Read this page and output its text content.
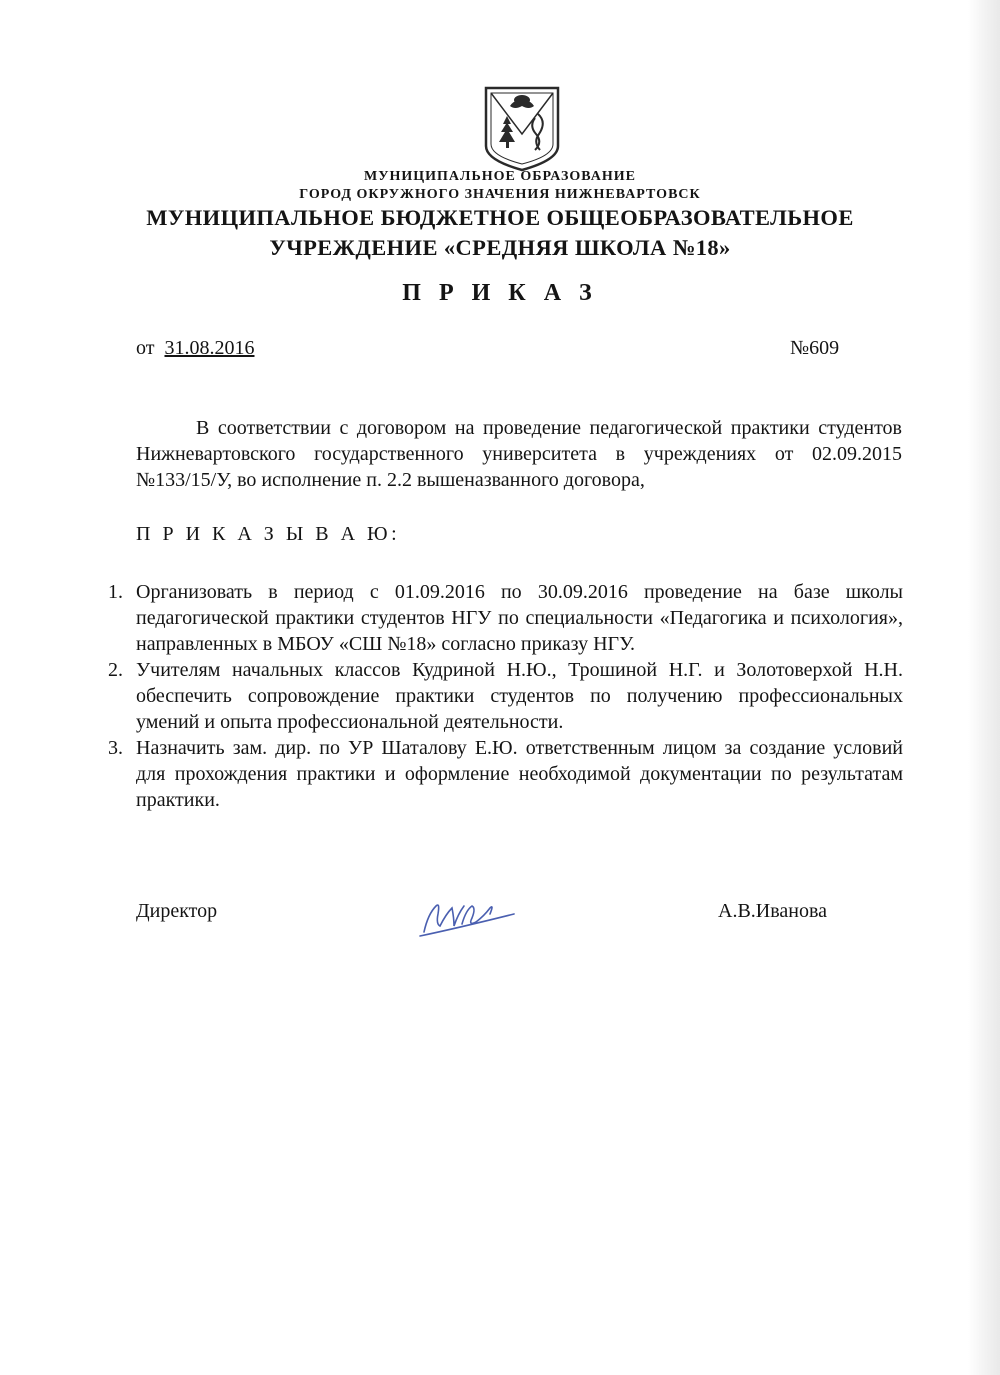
МУНИЦИПАЛЬНОЕ ОБРАЗОВАНИЕ

ГОРОД ОКРУЖНОГО ЗНАЧЕНИЯ НИЖНЕВАРТОВСК

МУНИЦИПАЛЬНОЕ БЮДЖЕТНОЕ ОБЩЕОБРАЗОВАТЕЛЬНОЕ

УЧРЕЖДЕНИЕ «СРЕДНЯЯ ШКОЛА №18»

П Р И К А З

от 31.08.2016	№609

В соответствии с договором на проведение педагогической практики студентов Нижневартовского государственного университета в учреждениях от 02.09.2015 №133/15/У, во исполнение п. 2.2 вышеназванного договора,

П Р И К А З Ы В А Ю:
1. Организовать в период с 01.09.2016 по 30.09.2016 проведение на базе школы педагогической практики студентов НГУ по специальности «Педагогика и психология», направленных в МБОУ «СШ №18» согласно приказу НГУ.
2. Учителям начальных классов Кудриной Н.Ю., Трошиной Н.Г. и Золотоверхой Н.Н. обеспечить сопровождение практики студентов по получению профессиональных умений и опыта профессиональной деятельности.
3. Назначить зам. дир. по УР Шаталову Е.Ю. ответственным лицом за создание условий для прохождения практики и оформление необходимой документации по результатам практики.
Директор	А.В.Иванова
